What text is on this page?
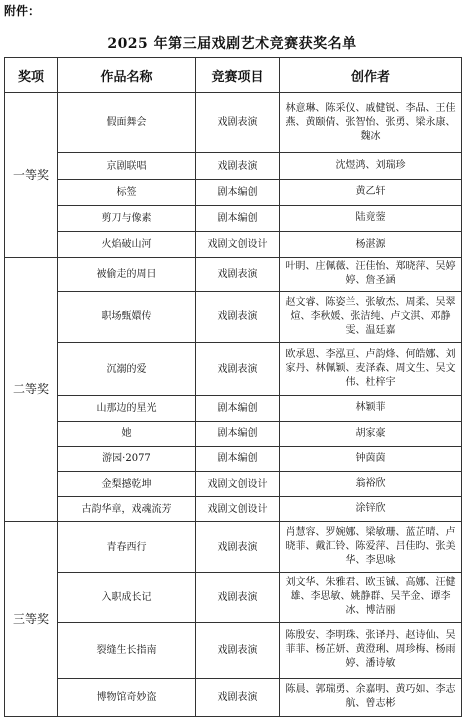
附件：
2025 年第三届戏剧艺术竞赛获奖名单
奖项	作品名称	竞赛项目	创作者
一等奖	假面舞会	戏剧表演	林意琳、陈采仪、戚健锐、李晶、王佳燕、黄颐倩、张智怡、张勇、梁永康、魏冰
	京剧联唱	戏剧表演	沈煜鸿、刘瑞珍
	标签	剧本编创	黄乙轩
	剪刀与像素	剧本编创	陆竟蓥
	火焰破山河	戏剧文创设计	杨湛源
二等奖	被偷走的周日	戏剧表演	叶眀、庄佩薇、汪佳怡、郑晓萍、吴婷婷、詹圣涵
	职场甄嬛传	戏剧表演	赵文睿、陈姿兰、张敏杰、周柔、吴翠煊、李秋媛、张洁纯、卢文淇、邓静雯、温廷嘉
	沉溺的爱	戏剧表演	欧承恩、李泓亘、卢韵烽、何皓娜、刘家丹、林佩颖、麦泽森、周文生、吴文伟、杜梓宇
	山那边的星光	剧本编创	林颖菲
	她	剧本编创	胡家豪
	游园·2077	剧本编创	钟茵茵
	金梨撼乾坤	戏剧文创设计	翁裕欣
	古韵华章，戏魂流芳	戏剧文创设计	涂锌欣
三等奖	青春西行	戏剧表演	肖慧容、罗婉娜、梁敏珊、蓝芷晴、卢晓菲、戴汇铃、陈爱萍、吕佳昀、张美华、李思咏
	入职成长记	戏剧表演	刘文华、朱雅君、欧玉铖、高娜、汪健雄、李思敏、姚静群、吴芊金、谭李冰、博洁丽
	裂缝生长指南	戏剧表演	陈殷安、李明珠、张译丹、赵诗仙、吴菲菲、杨芷妍、黄澄琍、周珍梅、杨雨婷、潘诗敏
	博物馆奇妙盗	戏剧表演	陈晨、郭瑞勇、余嘉明、黄巧如、李志航、曾志彬
